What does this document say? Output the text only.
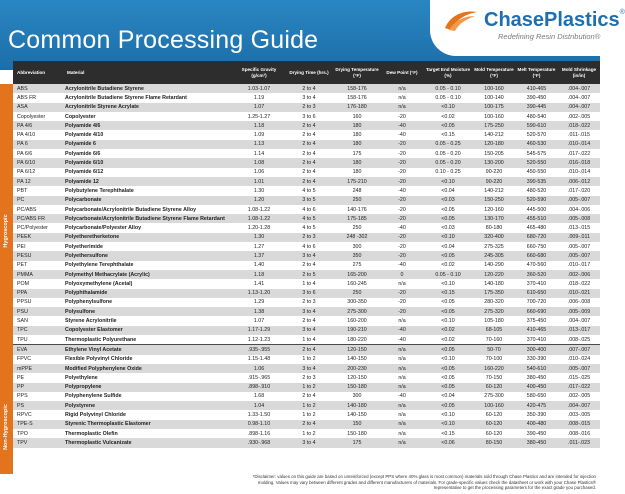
Common Processing Guide
ChasePlastics®
Redefining Resin Distribution®
Hygroscopic
Non-Hygroscopic
Abbreviation	Material	Specific Gravity (g/cm³)	Drying Time (hrs.)	Drying Temperature (°F)	Dew Point (°F)	Target End Moisture (%)	Mold Temperature (°F)	Melt Temperature (°F)	Mold Shrinkage (in/in)
ABS	Acrylonitrile Butadiene Styrene	1.03-1.07	2 to 4	158-176	n/a	0.05 - 0.10	100-160	410-465	.004-.007
ABS FR	Acrylonitrile Butadiene Styrene Flame Retardant	1.19	3 to 4	158-176	n/a	0.05 - 0.10	100-140	390-450	.004-.007
ASA	Acrylonitrile Styrene Acrylate	1.07	2 to 3	176-180	n/a	<0.10	100-175	390-445	.004-.007
Copolyester	Copolyester	1.25-1.27	3 to 6	160	-20	<0.02	100-160	480-540	.002-.005
PA 4/6	Polyamide 4/6	1.18	2 to 4	180	-40	<0.05	175-250	590-610	.018-.022
PA 4/10	Polyamide 4/10	1.09	2 to 4	180	-40	<0.15	140-212	520-570	.011-.015
PA 6	Polyamide 6	1.13	2 to 4	180	-20	0.05 - 0.25	120-180	460-530	.010-.014
PA 6/6	Polyamide 6/6	1.14	2 to 4	175	-20	0.05 - 0.20	150-205	545-575	.017-.022
PA 6/10	Polyamide 6/10	1.08	2 to 4	180	-20	0.05 - 0.20	130-200	520-550	.016-.018
PA 6/12	Polyamide 6/12	1.06	2 to 4	180	-20	0.10 - 0.25	90-220	450-550	.010-.014
PA 12	Polyamide 12	1.01	2 to 4	175-210	-20	<0.10	90-220	390-535	.006-.012
PBT	Polybutylene Terephthalate	1.30	4 to 5	248	-40	<0.04	140-212	480-520	.017-.020
PC	Polycarbonate	1.20	3 to 5	250	-20	<0.03	150-250	520-590	.005-.007
PC/ABS	Polycarbonate/Acrylonitrile Butadiene Styrene Alloy	1.08-1.22	4 to 6	140-176	-20	<0.05	120-160	445-500	.004-.006
PC/ABS FR	Polycarbonate/Acrylonitrile Butadiene Styrene Flame Retardant	1.08-1.22	4 to 5	175-185	-20	<0.05	130-170	455-510	.005-.008
PC/Polyester	Polycarbonate/Polyester Alloy	1.20-1.28	4 to 5	250	-40	<0.03	80-180	465-480	.013-.015
PEEK	Polyetheretherketone	1.30	2 to 3	248 -302	-20	<0.10	320-400	680-720	.009-.011
PEI	Polyetherimide	1.27	4 to 6	300	-20	<0.04	275-325	660-750	.005-.007
PESU	Polyethersulfone	1.37	3 to 4	350	-20	<0.05	245-305	660-680	.005-.007
PET	Polyethylene Terephthalate	1.40	2 to 4	275	-40	<0.02	140-290	470-560	.010-.017
PMMA	Polymethyl Methacrylate (Acrylic)	1.18	2 to 5	165-200	0	0.05 - 0.10	120-220	360-520	.002-.006
POM	Polyoxymethylene (Acetal)	1.41	1 to 4	160-245	n/a	<0.10	140-180	370-410	.018-.022
PPA	Polyphthalamide	1.13-1.20	3 to 6	250	-20	<0.15	175-350	610-650	.010-.021
PPSU	Polyphenylsulfone	1.29	2 to 3	300-350	-20	<0.05	280-320	700-720	.006-.008
PSU	Polysulfone	1.38	3 to 4	275-300	-20	<0.05	275-320	660-690	.005-.009
SAN	Styrene Acrylonitrile	1.07	2 to 4	160-200	n/a	<0.10	105-180	375-450	.004-.007
TPC	Copolyester Elastomer	1.17-1.29	3 to 4	190-210	-40	<0.02	68-105	410-465	.013-.017
TPU	Thermoplastic Polyurethane	1.12-1.23	1 to 4	180-220	-40	<0.02	70-160	370-410	.008-.025
EVA	Ethylene Vinyl Acetate	.935-.955	2 to 4	120-150	n/a	<0.05	50-70	300-400	.007-.007
FPVC	Flexible Polyvinyl Chloride	1.15-1.48	1 to 2	140-150	n/a	<0.10	70-100	330-390	.010-.024
mPPE	Modified Polyphenylene Oxide	1.06	3 to 4	200-230	n/a	<0.05	160-220	540-610	.005-.007
PE	Polyethylene	.915-.965	2 to 3	120-150	n/a	<0.05	70-150	380-450	.015-.025
PP	Polypropylene	.898-.910	1 to 2	150-180	n/a	<0.05	60-120	400-450	.017-.022
PPS	Polyphenylene Sulfide	1.68	2 to 4	300	-40	<0.04	275-300	580-650	.002-.005
PS	Polystyrene	1.04	1 to 2	140-180	n/a	<0.05	100-160	420-475	.004-.007
RPVC	Rigid Polyvinyl Chloride	1.33-1.50	1 to 2	140-150	n/a	<0.10	60-120	350-390	.003-.005
TPE-S	Styrenic Thermoplastic Elastomer	0.98-1.10	2 to 4	150	n/a	<0.10	60-120	400-480	.008-.015
TPO	Thermoplastic Olefin	.898-1.16	1 to 2	150-180	n/a	<0.15	60-120	390-450	.008-.016
TPV	Thermoplastic Vulcanizate	.930-.968	3 to 4	175	n/a	<0.06	80-150	380-450	.011-.023
*Disclaimer: values on this guide are based on unreinforced (except PPS where 40% glass is most common) materials sold through Chase Plastics and are intended for injection molding. Values may vary between different grades and different manufacturers of materials. For grade-specific values check the datasheet or work with your Chase Plastics® representative to get the processing parameters for the exact grade you purchased.
